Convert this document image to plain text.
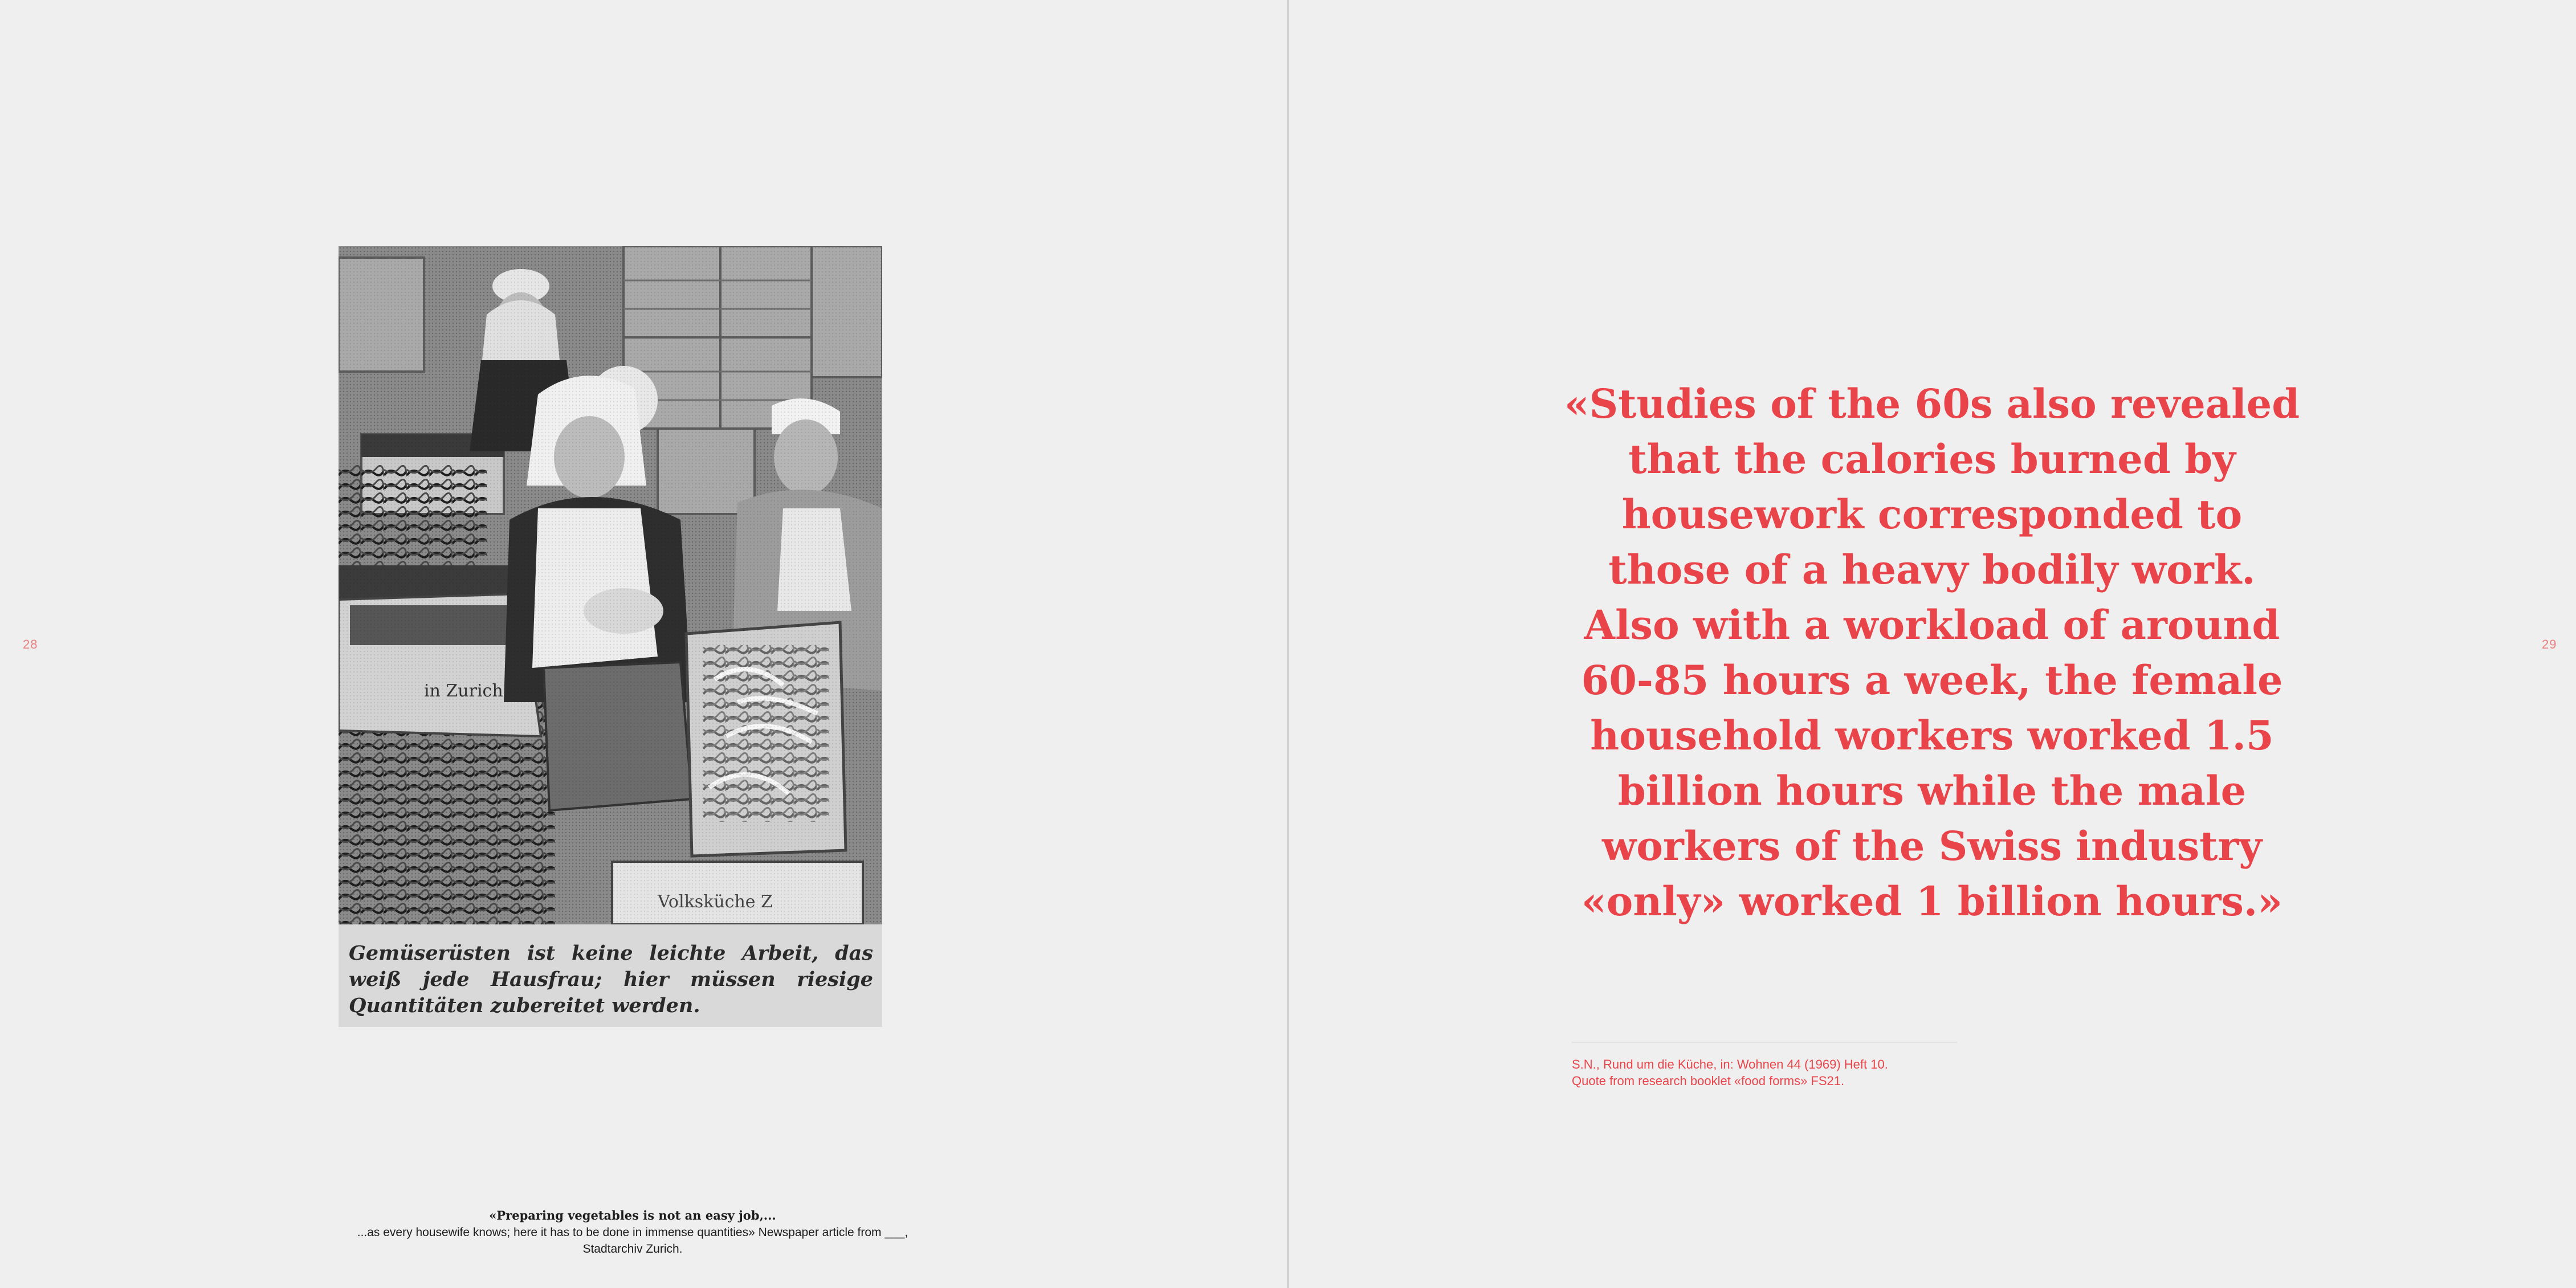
28
Gemüserüsten ist keine leichte Arbeit, das weiß jede Hausfrau; hier müssen riesige Quantitäten zubereitet werden.
«Preparing vegetables is not an easy job,...
...as every housewife knows; here it has to be done in immense quantities» Newspaper article from ___,
Stadtarchiv Zurich.
29
«Studies of the 60s also revealed that the calories burned by housework corresponded to those of a heavy bodily work. Also with a workload of around 60-85 hours a week, the female household workers worked 1.5 billion hours while the male workers of the Swiss industry «only» worked 1 billion hours.»
S.N., Rund um die Küche, in: Wohnen 44 (1969) Heft 10.
Quote from research booklet «food forms» FS21.
